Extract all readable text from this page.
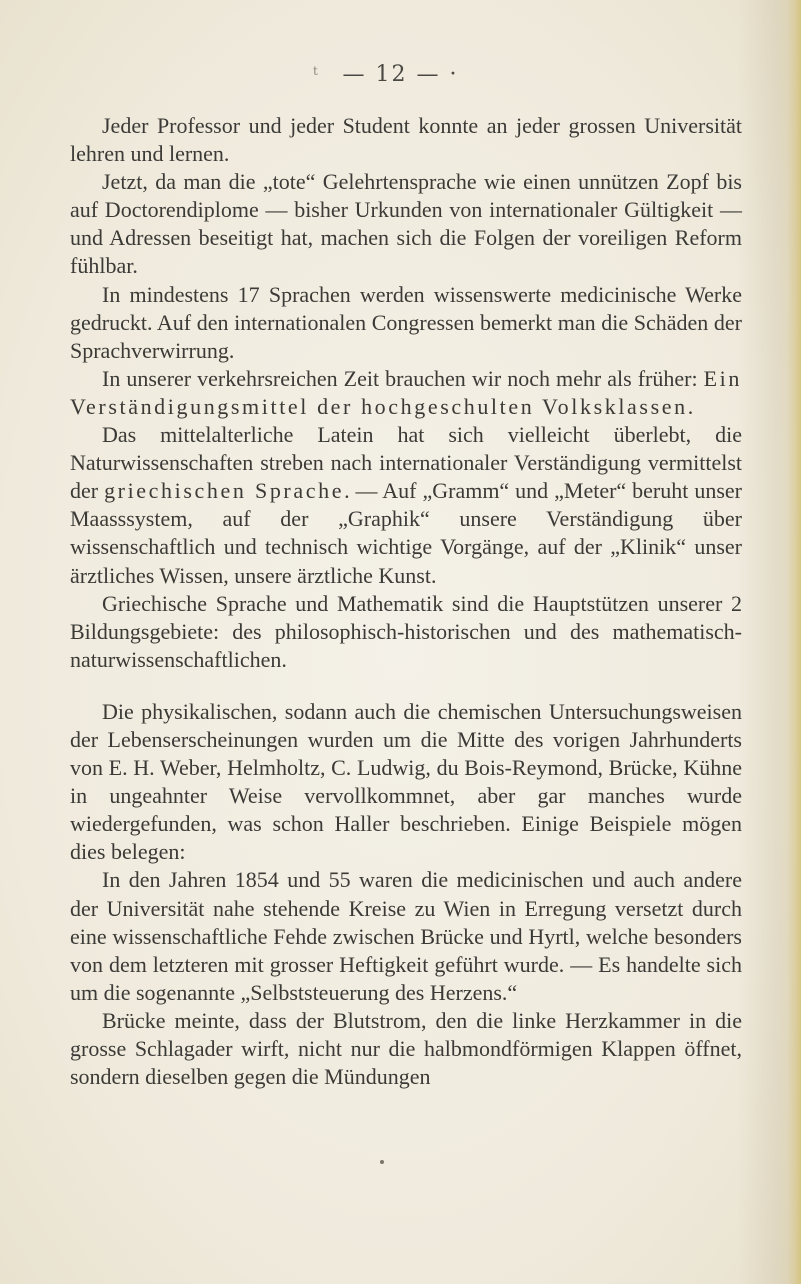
t	— 12 — ·

Jeder Professor und jeder Student konnte an jeder grossen Universität lehren und lernen.

Jetzt, da man die „tote“ Gelehrtensprache wie einen unnützen Zopf bis auf Doctorendiplome — bisher Urkunden von internationaler Gültigkeit — und Adressen beseitigt hat, machen sich die Folgen der voreiligen Reform fühlbar.

In mindestens 17 Sprachen werden wissenswerte medicinische Werke gedruckt. Auf den internationalen Congressen bemerkt man die Schäden der Sprachverwirrung.

In unserer verkehrsreichen Zeit brauchen wir noch mehr als früher: Ein Verständigungsmittel der hochgeschulten Volksklassen.

Das mittelalterliche Latein hat sich vielleicht überlebt, die Naturwissenschaften streben nach internationaler Verständigung vermittelst der griechischen Sprache. — Auf „Gramm“ und „Meter“ beruht unser Maasssystem, auf der „Graphik“ unsere Verständigung über wissenschaftlich und technisch wichtige Vorgänge, auf der „Klinik“ unser ärztliches Wissen, unsere ärztliche Kunst.

Griechische Sprache und Mathematik sind die Hauptstützen unserer 2 Bildungsgebiete: des philosophisch-historischen und des mathematisch-naturwissenschaftlichen.

Die physikalischen, sodann auch die chemischen Untersuchungsweisen der Lebenserscheinungen wurden um die Mitte des vorigen Jahrhunderts von E. H. Weber, Helmholtz, C. Ludwig, du Bois-Reymond, Brücke, Kühne in ungeahnter Weise vervollkommnet, aber gar manches wurde wiedergefunden, was schon Haller beschrieben. Einige Beispiele mögen dies belegen:

In den Jahren 1854 und 55 waren die medicinischen und auch andere der Universität nahe stehende Kreise zu Wien in Erregung versetzt durch eine wissenschaftliche Fehde zwischen Brücke und Hyrtl, welche besonders von dem letzteren mit grosser Heftigkeit geführt wurde. — Es handelte sich um die sogenannte „Selbststeuerung des Herzens.“

Brücke meinte, dass der Blutstrom, den die linke Herzkammer in die grosse Schlagader wirft, nicht nur die halbmondförmigen Klappen öffnet, sondern dieselben gegen die Mündungen
